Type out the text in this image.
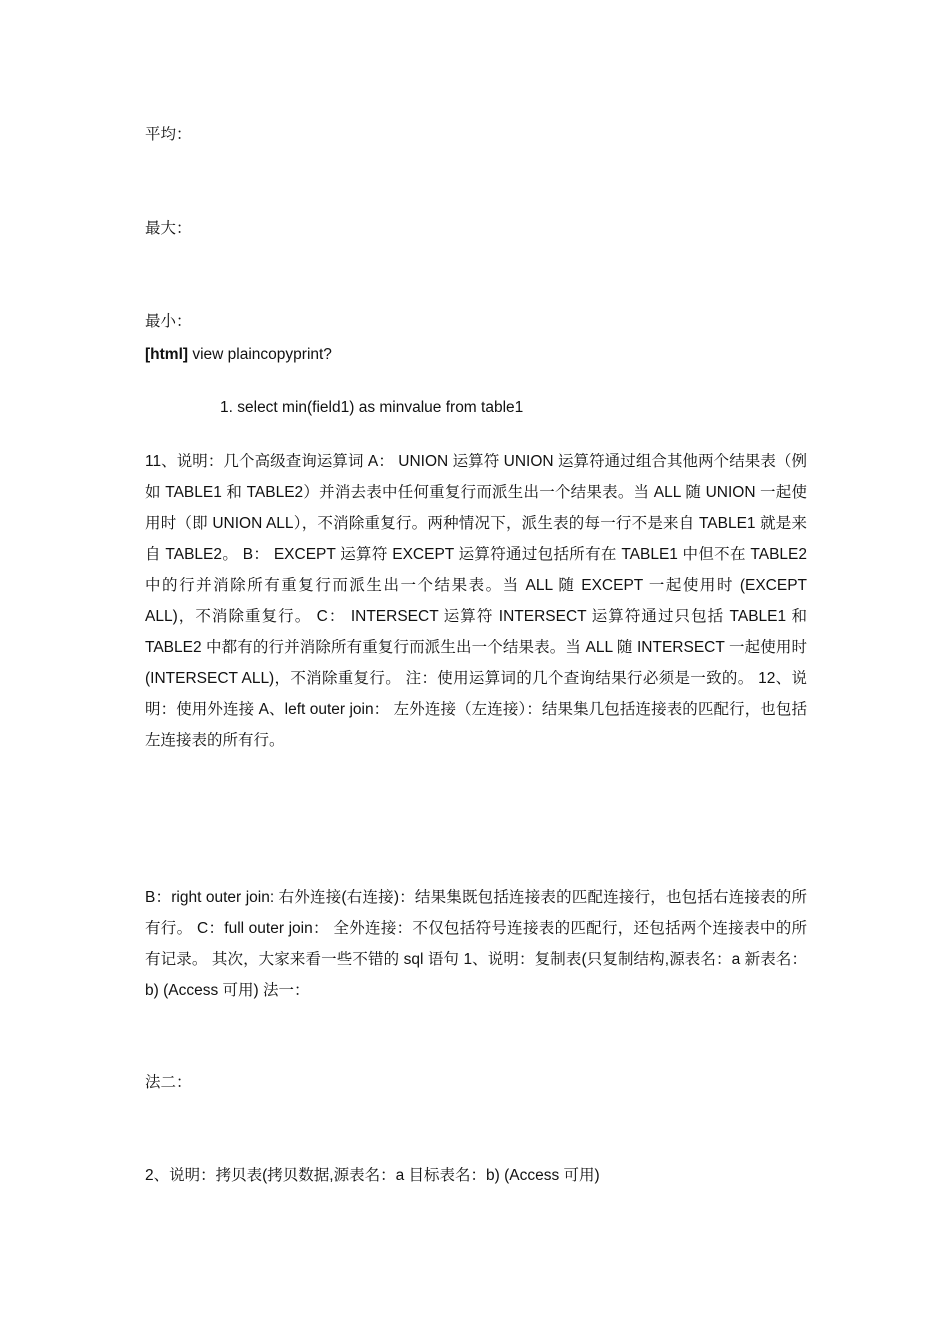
平均：
最大：
最小：
[html] view plaincopyprint?
1. select min(field1) as minvalue from table1
11、说明：几个高级查询运算词 A： UNION 运算符 UNION 运算符通过组合其他两个结果表（例如 TABLE1 和 TABLE2）并消去表中任何重复行而派生出一个结果表。当 ALL 随 UNION 一起使用时（即 UNION ALL），不消除重复行。两种情况下，派生表的每一行不是来自 TABLE1 就是来自 TABLE2。 B： EXCEPT 运算符 EXCEPT 运算符通过包括所有在 TABLE1 中但不在 TABLE2 中的行并消除所有重复行而派生出一个结果表。当 ALL 随 EXCEPT 一起使用时 (EXCEPT ALL)，不消除重复行。 C： INTERSECT 运算符 INTERSECT 运算符通过只包括 TABLE1 和 TABLE2 中都有的行并消除所有重复行而派生出一个结果表。当 ALL 随 INTERSECT 一起使用时 (INTERSECT ALL)，不消除重复行。 注：使用运算词的几个查询结果行必须是一致的。 12、说明：使用外连接 A、left outer join： 左外连接（左连接）：结果集几包括连接表的匹配行，也包括左连接表的所有行。
B：right outer join: 右外连接(右连接)：结果集既包括连接表的匹配连接行，也包括右连接表的所有行。 C：full outer join： 全外连接：不仅包括符号连接表的匹配行，还包括两个连接表中的所有记录。 其次，大家来看一些不错的 sql 语句 1、说明：复制表(只复制结构,源表名：a 新表名：b) (Access 可用) 法一：
法二：
2、说明：拷贝表(拷贝数据,源表名：a 目标表名：b) (Access 可用)
